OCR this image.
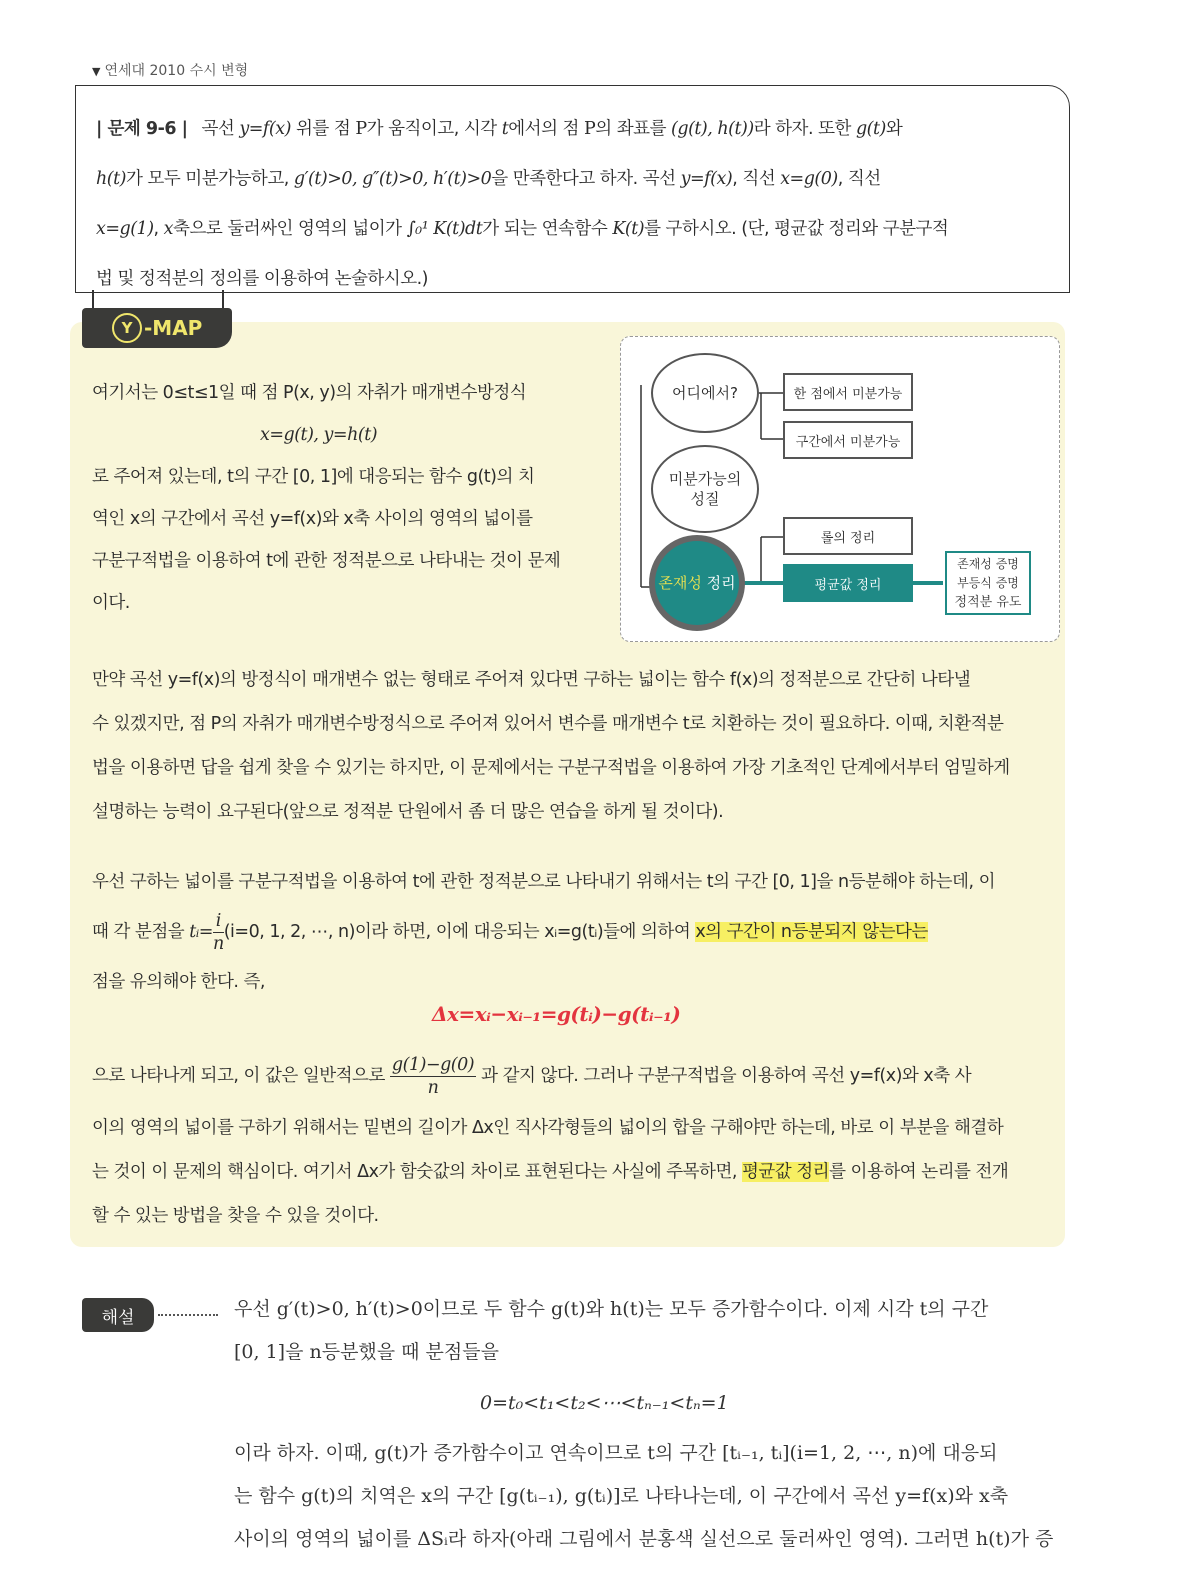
▼ 연세대 2010 수시 변형

| 문제 9-6 | 곡선 y=f(x) 위를 점 P가 움직이고, 시각 t에서의 점 P의 좌표를 (g(t), h(t))라 하자. 또한 g(t)와

h(t)가 모두 미분가능하고, g′(t)>0, g″(t)>0, h′(t)>0을 만족한다고 하자. 곡선 y=f(x), 직선 x=g(0), 직선

x=g(1), x축으로 둘러싸인 영역의 넓이가 ∫₀¹ K(t)dt가 되는 연속함수 K(t)를 구하시오. (단, 평균값 정리와 구분구적

법 및 정적분의 정의를 이용하여 논술하시오.)

Y -MAP
여기서는 0≤t≤1일 때 점 P(x, y)의 자취가 매개변수방정식
x=g(t), y=h(t)
로 주어져 있는데, t의 구간 [0, 1]에 대응되는 함수 g(t)의 치
역인 x의 구간에서 곡선 y=f(x)와 x축 사이의 영역의 넓이를
구분구적법을 이용하여 t에 관한 정적분으로 나타내는 것이 문제
이다.
어디에서?
미분가능의
성질
존재성 정리
한 점에서 미분가능
구간에서 미분가능
롤의 정리
평균값 정리
존재성 증명
부등식 증명
정적분 유도
만약 곡선 y=f(x)의 방정식이 매개변수 없는 형태로 주어져 있다면 구하는 넓이는 함수 f(x)의 정적분으로 간단히 나타낼
수 있겠지만, 점 P의 자취가 매개변수방정식으로 주어져 있어서 변수를 매개변수 t로 치환하는 것이 필요하다. 이때, 치환적분
법을 이용하면 답을 쉽게 찾을 수 있기는 하지만, 이 문제에서는 구분구적법을 이용하여 가장 기초적인 단계에서부터 엄밀하게
설명하는 능력이 요구된다(앞으로 정적분 단원에서 좀 더 많은 연습을 하게 될 것이다).
우선 구하는 넓이를 구분구적법을 이용하여 t에 관한 정적분으로 나타내기 위해서는 t의 구간 [0, 1]을 n등분해야 하는데, 이
때 각 분점을 tᵢ= $\frac{i}{n} (i=0$, 1, 2, ⋯, n)이라 하면, 이에 대응되는 xᵢ=g(tᵢ)들에 의하여 x의 구간이 n등분되지 않는다는
점을 유의해야 한다. 즉,
Δx=xᵢ−xᵢ₋₁=g(tᵢ)−g(tᵢ₋₁)
으로 나타나게 되고, 이 값은 일반적으로 $\frac{g(1)-g(0)}{n}$ 과 같지 않다. 그러나 구분구적법을 이용하여 곡선 y=f(x)와 x축 사
이의 영역의 넓이를 구하기 위해서는 밑변의 길이가 Δx인 직사각형들의 넓이의 합을 구해야만 하는데, 바로 이 부분을 해결하
는 것이 이 문제의 핵심이다. 여기서 Δx가 함숫값의 차이로 표현된다는 사실에 주목하면, 평균값 정리를 이용하여 논리를 전개
할 수 있는 방법을 찾을 수 있을 것이다.
해설	우선 g′(t)>0, h′(t)>0이므로 두 함수 g(t)와 h(t)는 모두 증가함수이다. 이제 시각 t의 구간
[0, 1]을 n등분했을 때 분점들을
0=t₀<t₁<t₂<⋯<tₙ₋₁<tₙ=1
이라 하자. 이때, g(t)가 증가함수이고 연속이므로 t의 구간 [tᵢ₋₁, tᵢ](i=1, 2, ⋯, n)에 대응되
는 함수 g(t)의 치역은 x의 구간 [g(tᵢ₋₁), g(tᵢ)]로 나타나는데, 이 구간에서 곡선 y=f(x)와 x축
사이의 영역의 넓이를 ΔSᵢ라 하자(아래 그림에서 분홍색 실선으로 둘러싸인 영역). 그러면 h(t)가 증
